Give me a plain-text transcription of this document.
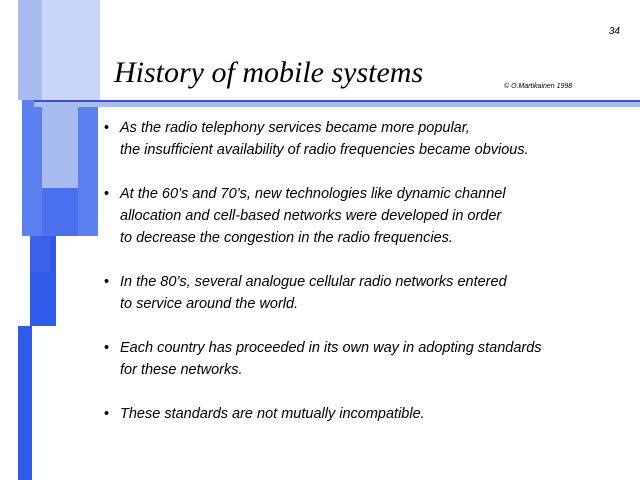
34
History of mobile systems	© O.Martikainen 1998
• As the radio telephony services became more popular,
the insufficient availability of radio frequencies became obvious.
• At the 60’s and 70’s, new technologies like dynamic channel
allocation and cell-based networks were developed in order
to decrease the congestion in the radio frequencies.
• In the 80’s, several analogue cellular radio networks entered
to service around the world.
• Each country has proceeded in its own way in adopting standards
for these networks.
• These standards are not mutually incompatible.
